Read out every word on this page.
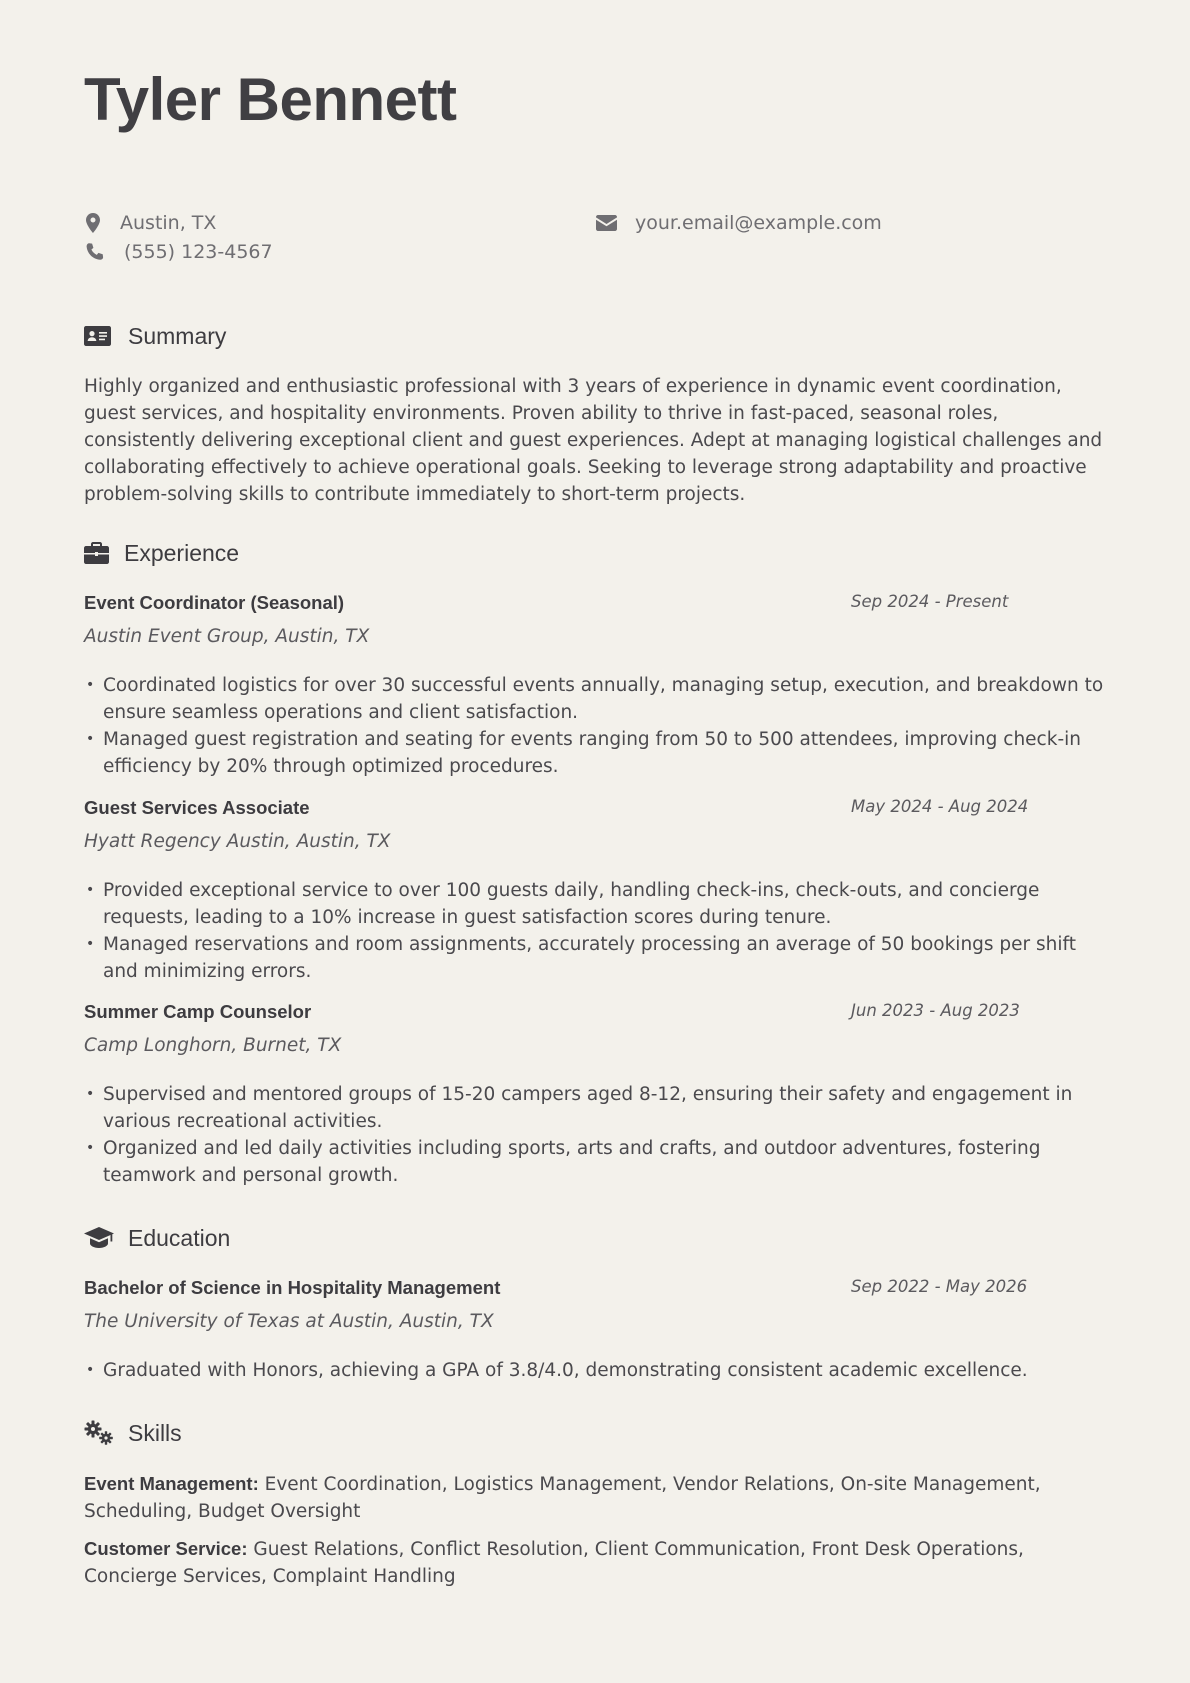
Tyler Bennett
Austin, TX
(555) 123-4567
your.email@example.com
Summary
Highly organized and enthusiastic professional with 3 years of experience in dynamic event coordination, guest services, and hospitality environments. Proven ability to thrive in fast-paced, seasonal roles, consistently delivering exceptional client and guest experiences. Adept at managing logistical challenges and collaborating effectively to achieve operational goals. Seeking to leverage strong adaptability and proactive problem-solving skills to contribute immediately to short-term projects.
Experience
Event Coordinator (Seasonal)	Sep 2024 - Present
Austin Event Group, Austin, TX
• Coordinated logistics for over 30 successful events annually, managing setup, execution, and breakdown to ensure seamless operations and client satisfaction.
• Managed guest registration and seating for events ranging from 50 to 500 attendees, improving check-in efficiency by 20% through optimized procedures.
Guest Services Associate	May 2024 - Aug 2024
Hyatt Regency Austin, Austin, TX
• Provided exceptional service to over 100 guests daily, handling check-ins, check-outs, and concierge requests, leading to a 10% increase in guest satisfaction scores during tenure.
• Managed reservations and room assignments, accurately processing an average of 50 bookings per shift and minimizing errors.
Summer Camp Counselor	Jun 2023 - Aug 2023
Camp Longhorn, Burnet, TX
• Supervised and mentored groups of 15-20 campers aged 8-12, ensuring their safety and engagement in various recreational activities.
• Organized and led daily activities including sports, arts and crafts, and outdoor adventures, fostering teamwork and personal growth.
Education
Bachelor of Science in Hospitality Management	Sep 2022 - May 2026
The University of Texas at Austin, Austin, TX
• Graduated with Honors, achieving a GPA of 3.8/4.0, demonstrating consistent academic excellence.
Skills
Event Management: Event Coordination, Logistics Management, Vendor Relations, On-site Management, Scheduling, Budget Oversight
Customer Service: Guest Relations, Conflict Resolution, Client Communication, Front Desk Operations, Concierge Services, Complaint Handling
